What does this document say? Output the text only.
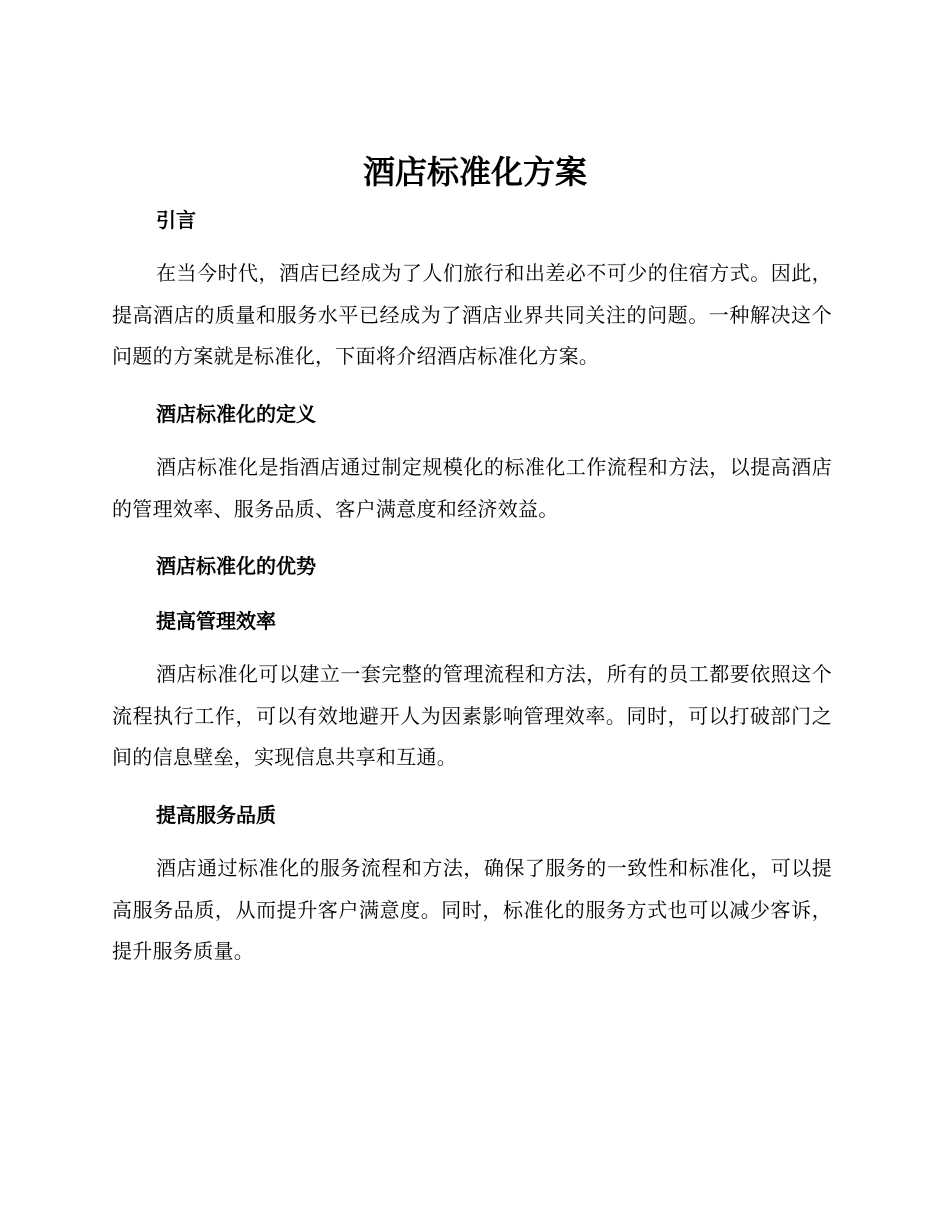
酒店标准化方案
引言

在当今时代，酒店已经成为了人们旅行和出差必不可少的住宿方式。因此，提高酒店的质量和服务水平已经成为了酒店业界共同关注的问题。一种解决这个问题的方案就是标准化，下面将介绍酒店标准化方案。

酒店标准化的定义

酒店标准化是指酒店通过制定规模化的标准化工作流程和方法，以提高酒店的管理效率、服务品质、客户满意度和经济效益。

酒店标准化的优势
提高管理效率

酒店标准化可以建立一套完整的管理流程和方法，所有的员工都要依照这个流程执行工作，可以有效地避开人为因素影响管理效率。同时，可以打破部门之间的信息壁垒，实现信息共享和互通。

提高服务品质

酒店通过标准化的服务流程和方法，确保了服务的一致性和标准化，可以提高服务品质，从而提升客户满意度。同时，标准化的服务方式也可以减少客诉，提升服务质量。
